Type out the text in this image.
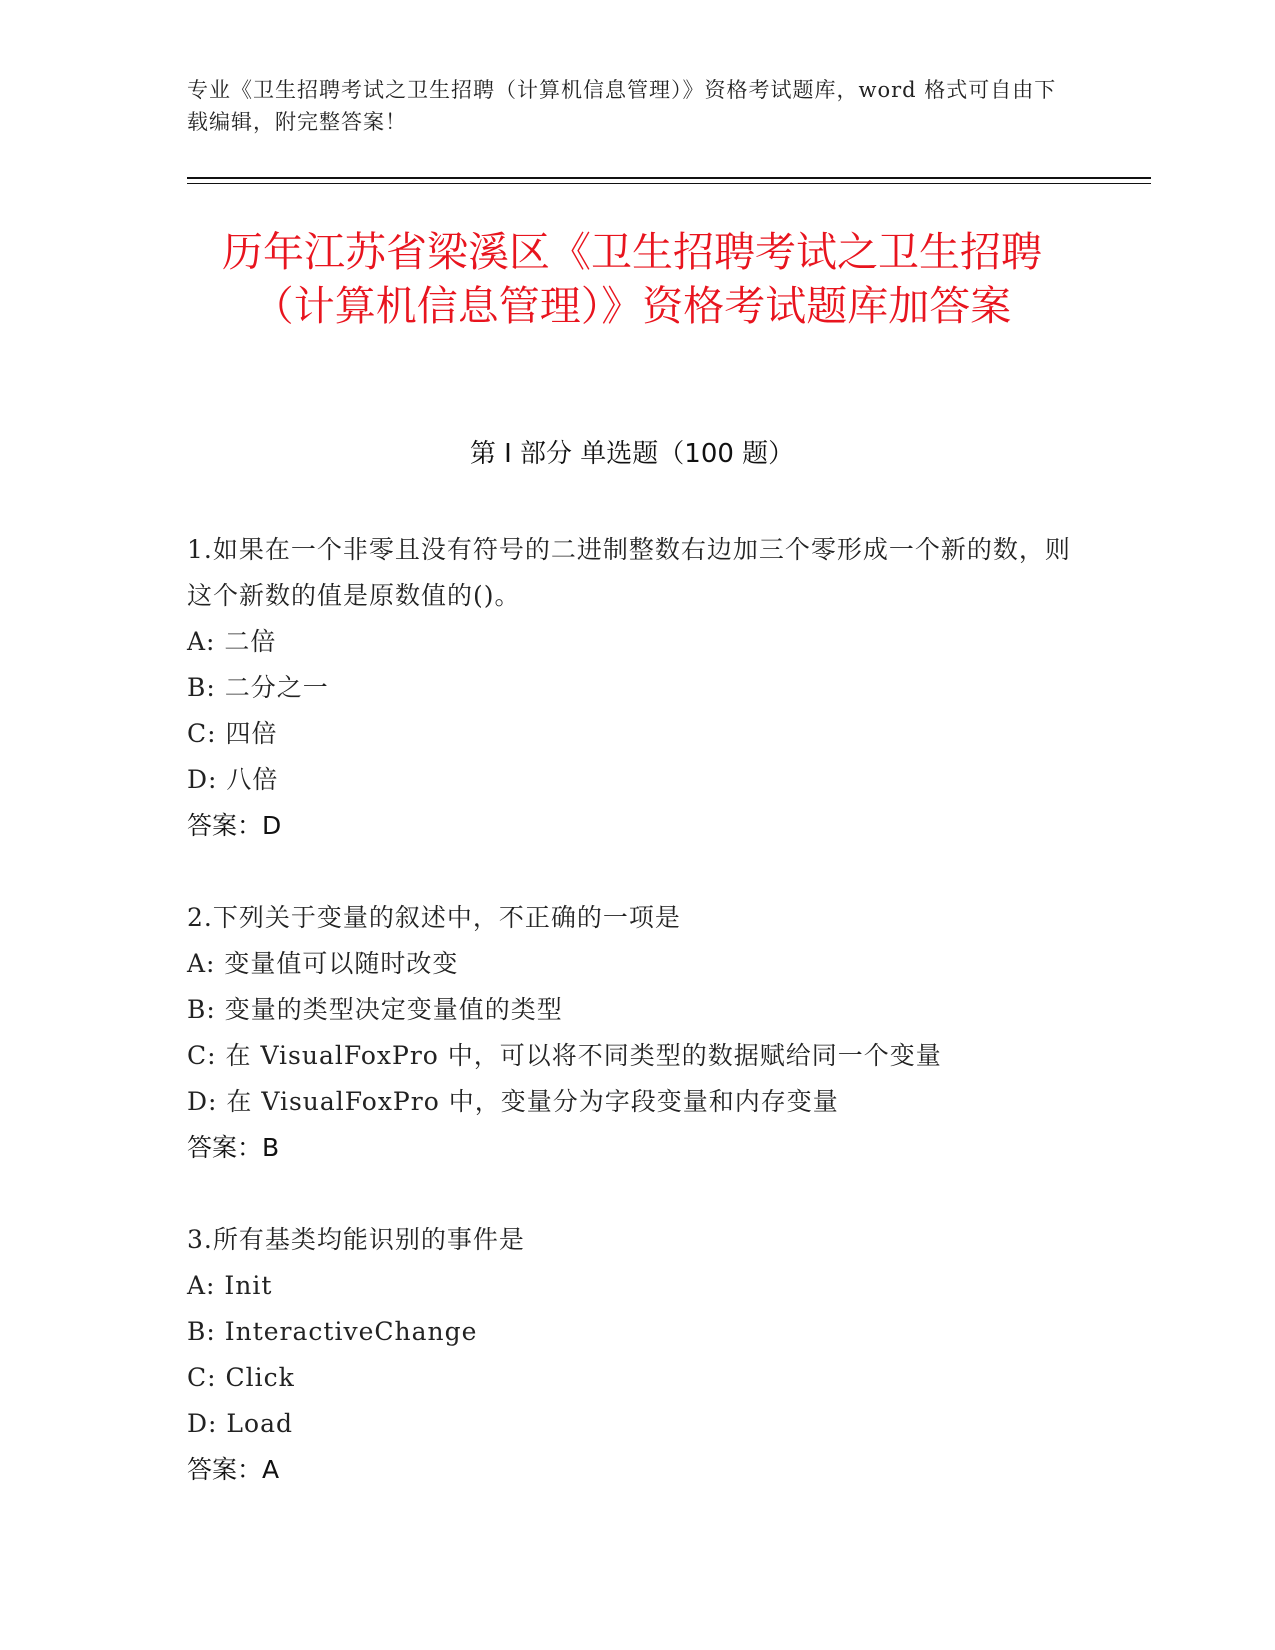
专业《卫生招聘考试之卫生招聘（计算机信息管理）》资格考试题库，word 格式可自由下载编辑，附完整答案！
历年江苏省梁溪区《卫生招聘考试之卫生招聘（计算机信息管理）》资格考试题库加答案
第 I 部分 单选题（100 题）
1.如果在一个非零且没有符号的二进制整数右边加三个零形成一个新的数，则这个新数的值是原数值的()。
A: 二倍
B: 二分之一
C: 四倍
D: 八倍
答案：D
2.下列关于变量的叙述中，不正确的一项是
A: 变量值可以随时改变
B: 变量的类型决定变量值的类型
C: 在 VisualFoxPro 中，可以将不同类型的数据赋给同一个变量
D: 在 VisualFoxPro 中，变量分为字段变量和内存变量
答案：B
3.所有基类均能识别的事件是
A: Init
B: InteractiveChange
C: Click
D: Load
答案：A
